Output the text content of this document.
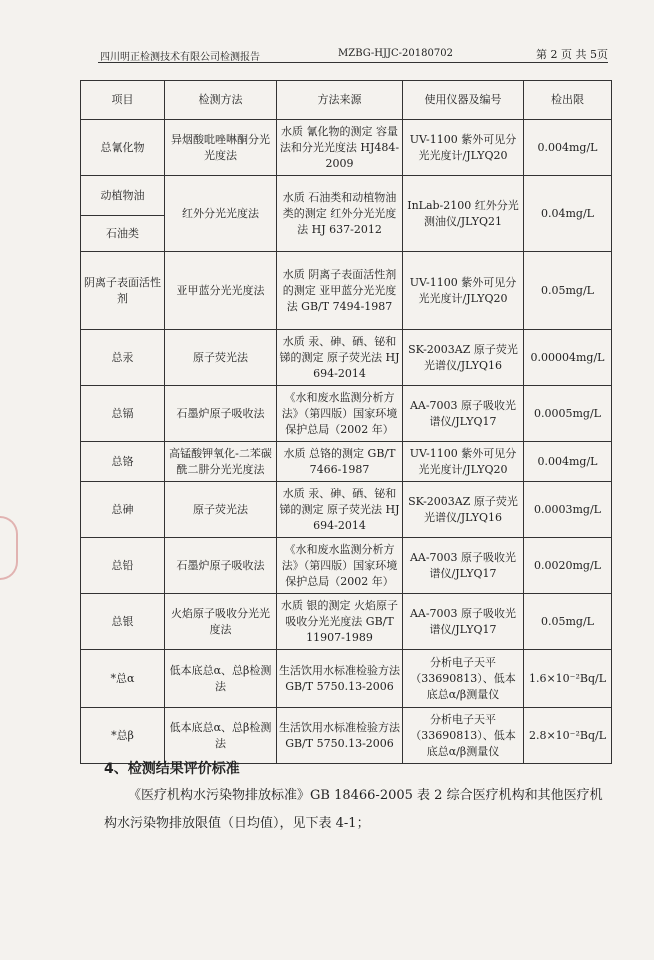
四川明正检测技术有限公司检测报告	MZBG-HJJC-20180702	第 2 页 共 5页
项目	检测方法	方法来源	使用仪器及编号	检出限
总氰化物	异烟酸吡唑啉酮分光光度法	水质 氰化物的测定 容量法和分光光度法 HJ484-2009	UV-1100 紫外可见分光光度计/JLYQ20	0.004mg/L
动植物油	红外分光光度法	水质 石油类和动植物油类的测定 红外分光光度法 HJ 637-2012	InLab-2100 红外分光测油仪/JLYQ21	0.04mg/L
石油类				
阴离子表面活性剂	亚甲蓝分光光度法	水质 阴离子表面活性剂的测定 亚甲蓝分光光度法 GB/T 7494-1987	UV-1100 紫外可见分光光度计/JLYQ20	0.05mg/L
总汞	原子荧光法	水质 汞、砷、硒、铋和锑的测定 原子荧光法 HJ 694-2014	SK-2003AZ 原子荧光光谱仪/JLYQ16	0.00004mg/L
总镉	石墨炉原子吸收法	《水和废水监测分析方法》（第四版）国家环境保护总局（2002 年）	AA-7003 原子吸收光谱仪/JLYQ17	0.0005mg/L
总铬	高锰酸钾氧化-二苯碳酰二肼分光光度法	水质 总铬的测定 GB/T 7466-1987	UV-1100 紫外可见分光光度计/JLYQ20	0.004mg/L
总砷	原子荧光法	水质 汞、砷、硒、铋和锑的测定 原子荧光法 HJ 694-2014	SK-2003AZ 原子荧光光谱仪/JLYQ16	0.0003mg/L
总铅	石墨炉原子吸收法	《水和废水监测分析方法》（第四版）国家环境保护总局（2002 年）	AA-7003 原子吸收光谱仪/JLYQ17	0.0020mg/L
总银	火焰原子吸收分光光度法	水质 银的测定 火焰原子吸收分光光度法 GB/T 11907-1989	AA-7003 原子吸收光谱仪/JLYQ17	0.05mg/L
*总α	低本底总α、总β检测法	生活饮用水标准检验方法 GB/T 5750.13-2006	分析电子天平（33690813）、低本底总α/β测量仪	1.6×10⁻²Bq/L
*总β	低本底总α、总β检测法	生活饮用水标准检验方法 GB/T 5750.13-2006	分析电子天平（33690813）、低本底总α/β测量仪	2.8×10⁻²Bq/L
4、检测结果评价标准
《医疗机构水污染物排放标准》GB 18466-2005 表 2 综合医疗机构和其他医疗机构水污染物排放限值（日均值），见下表 4-1；
